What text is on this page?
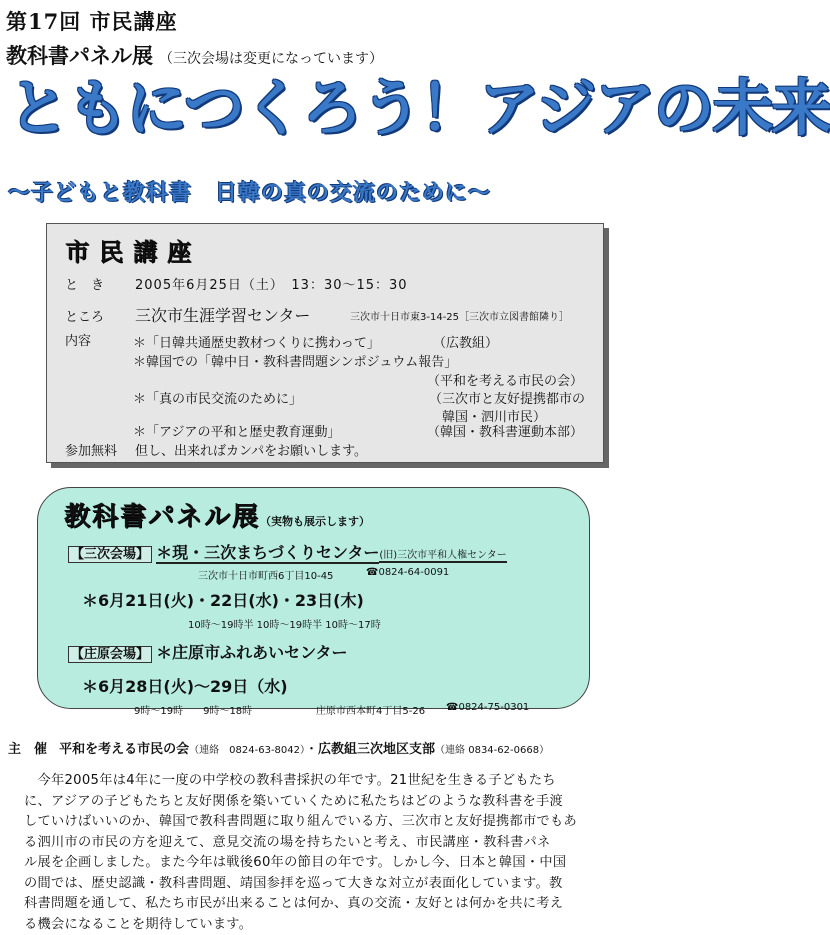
第17回 市民講座
教科書パネル展 （三次会場は変更になっています）
ともにつくろう！アジアの未来
〜子どもと教科書　日韓の真の交流のために〜
市民講座
と　き 2005年6月25日（土）　13：30〜15：30
ところ 三次市生涯学習センター	三次市十日市東3-14-25［三次市立図書館隣り］
内容	＊「日韓共通歴史教材つくりに携わって」	（広教組）
＊韓国での「韓中日・教科書問題シンポジュウム報告」
（平和を考える市民の会）
＊「真の市民交流のために」	（三次市と友好提携都市の
韓国・泗川市民）
＊「アジアの平和と歴史教育運動」	（韓国・教科書運動本部）
参加無料 但し、出来ればカンパをお願いします。
教科書パネル展（実物も展示します）
【三次会場】 ＊現・三次まちづくりセンター(旧)三次市平和人権センター
三次市十日市町西6丁目10-45	☎0824-64-0091
＊6月21日(火)・22日(水)・23日(木)
10時〜19時半 10時〜19時半 10時〜17時
【庄原会場】 ＊庄原市ふれあいセンター
＊6月28日(火)〜29日（水)
9時〜19時　　9時〜18時	庄原市西本町4丁目5-26 ☎0824-75-0301
主　催 平和を考える市民の会（連絡　0824-63-8042）・広教組三次地区支部（連絡 0834-62-0668）
　今年2005年は4年に一度の中学校の教科書採択の年です。21世紀を生きる子どもたち
に、アジアの子どもたちと友好関係を築いていくために私たちはどのような教科書を手渡
していけばいいのか、韓国で教科書問題に取り組んでいる方、三次市と友好提携都市でもあ
る泗川市の市民の方を迎えて、意見交流の場を持ちたいと考え、市民講座・教科書パネ
ル展を企画しました。また今年は戦後60年の節目の年です。しかし今、日本と韓国・中国
の間では、歴史認識・教科書問題、靖国参拝を巡って大きな対立が表面化しています。教
科書問題を通して、私たち市民が出来ることは何か、真の交流・友好とは何かを共に考え
る機会になることを期待しています。
